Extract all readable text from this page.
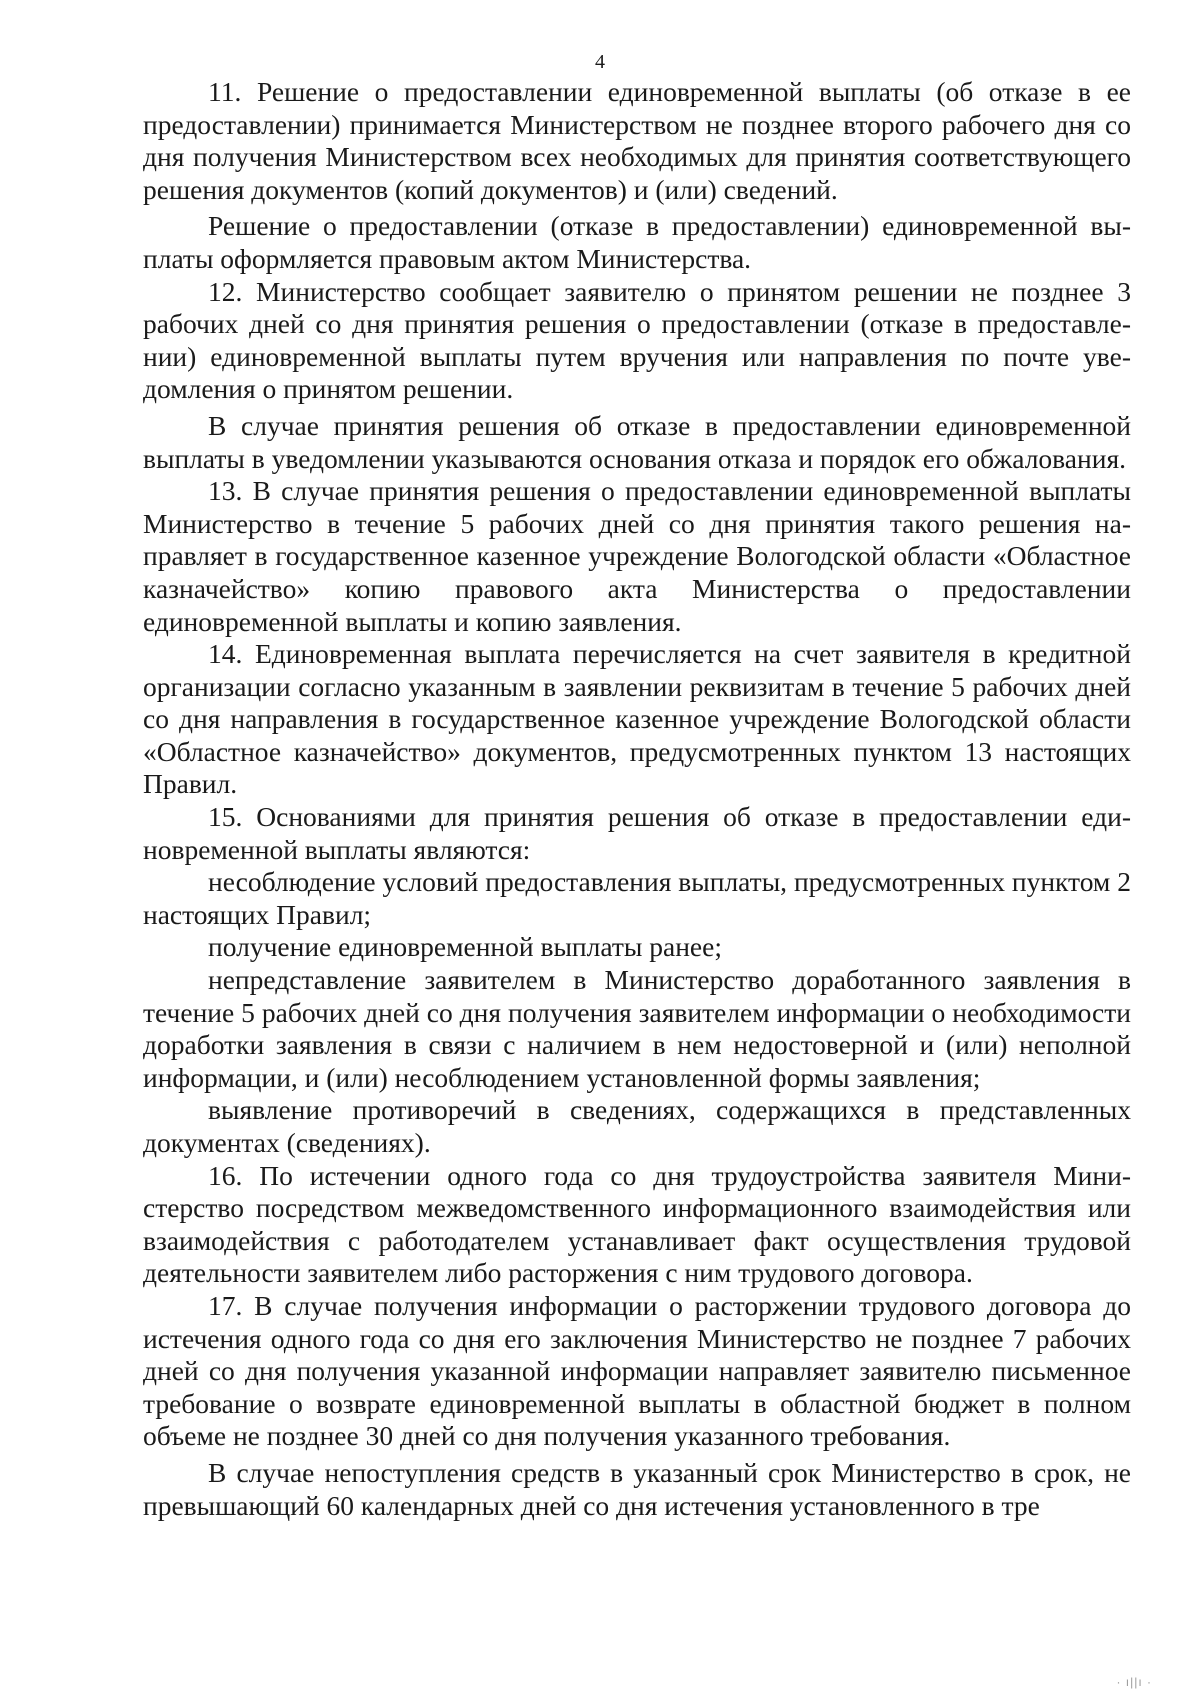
4

11. Решение о предоставлении единовременной выплаты (об отказе в ее предоставлении) принимается Министерством не позднее второго рабочего дня со дня получения Министерством всех необходимых для принятия соответствующего решения документов (копий документов) и (или) сведений.

Решение о предоставлении (отказе в предоставлении) единовременной выплаты оформляется правовым актом Министерства.

12. Министерство сообщает заявителю о принятом решении не позднее 3 рабочих дней со дня принятия решения о предоставлении (отказе в предоставлении) единовременной выплаты путем вручения или направления по почте уведомления о принятом решении.

В случае принятия решения об отказе в предоставлении единовременной выплаты в уведомлении указываются основания отказа и порядок его обжалования.

13. В случае принятия решения о предоставлении единовременной выплаты Министерство в течение 5 рабочих дней со дня принятия такого решения направляет в государственное казенное учреждение Вологодской области «Областное казначейство» копию правового акта Министерства о предоставлении единовременной выплаты и копию заявления.

14. Единовременная выплата перечисляется на счет заявителя в кредитной организации согласно указанным в заявлении реквизитам в течение 5 рабочих дней со дня направления в государственное казенное учреждение Вологодской области «Областное казначейство» документов, предусмотренных пунктом 13 настоящих Правил.

15. Основаниями для принятия решения об отказе в предоставлении единовременной выплаты являются:

несоблюдение условий предоставления выплаты, предусмотренных пунктом 2 настоящих Правил;

получение единовременной выплаты ранее;

непредставление заявителем в Министерство доработанного заявления в течение 5 рабочих дней со дня получения заявителем информации о необходимости доработки заявления в связи с наличием в нем недостоверной и (или) неполной информации, и (или) несоблюдением установленной формы заявления;

выявление противоречий в сведениях, содержащихся в представленных документах (сведениях).

16. По истечении одного года со дня трудоустройства заявителя Министерство посредством межведомственного информационного взаимодействия или взаимодействия с работодателем устанавливает факт осуществления трудовой деятельности заявителем либо расторжения с ним трудового договора.

17. В случае получения информации о расторжении трудового договора до истечения одного года со дня его заключения Министерство не позднее 7 рабочих дней со дня получения указанной информации направляет заявителю письменное требование о возврате единовременной выплаты в областной бюджет в полном объеме не позднее 30 дней со дня получения указанного требования.

В случае непоступления средств в указанный срок Министерство в срок, не превышающий 60 календарных дней со дня истечения установленного в тре

· ı||ı ·
